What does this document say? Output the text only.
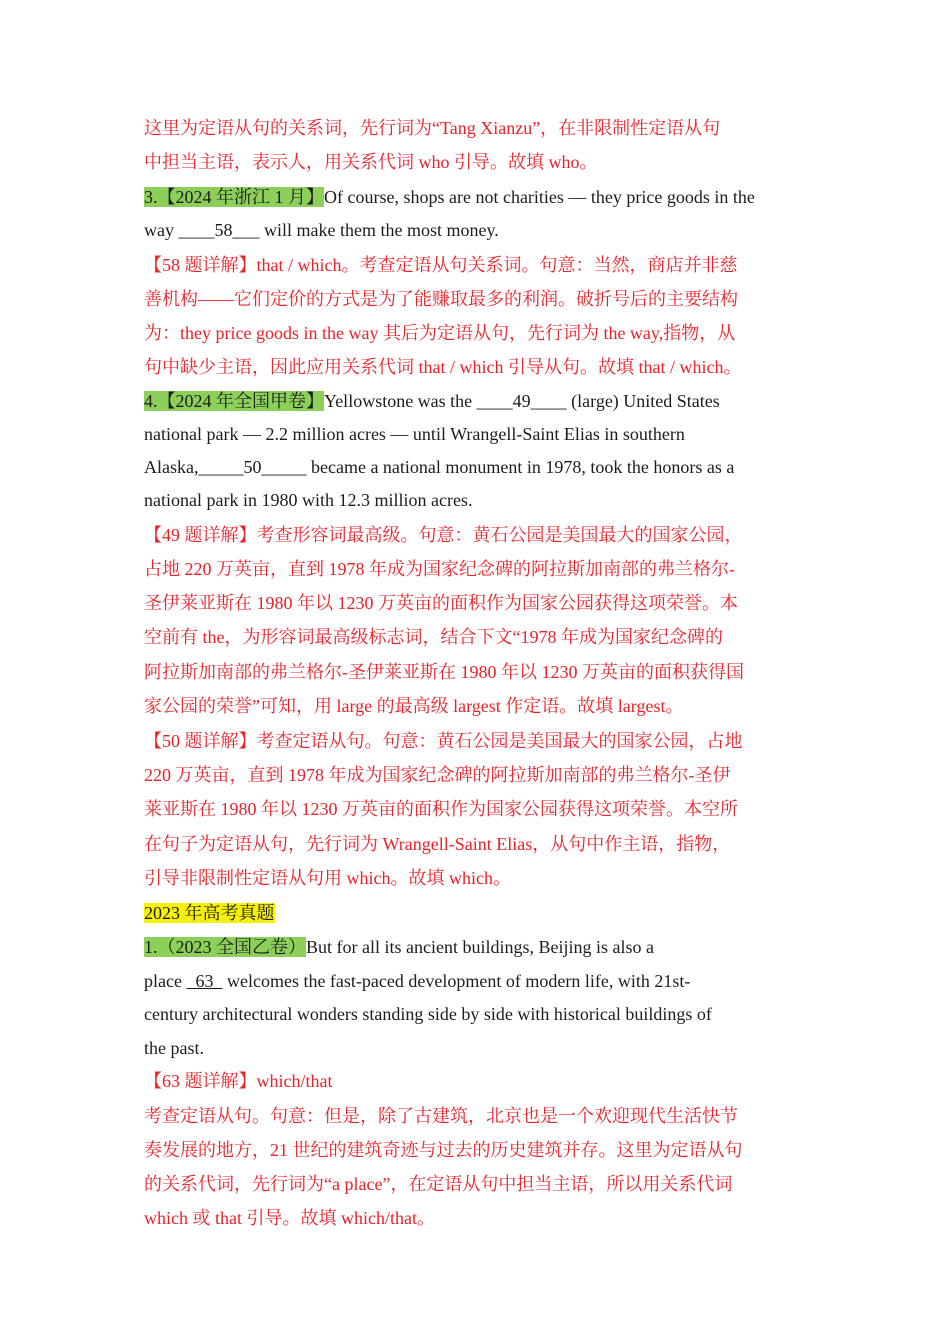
这里为定语从句的关系词，先行词为“Tang Xianzu”，在非限制性定语从句
中担当主语，表示人，用关系代词 who 引导。故填 who。
3.【2024 年浙江 1 月】Of course, shops are not charities — they price goods in the
way ____58___ will make them the most money.
【58 题详解】that / which。考查定语从句关系词。句意：当然，商店并非慈
善机构——它们定价的方式是为了能赚取最多的利润。破折号后的主要结构
为：they price goods in the way 其后为定语从句，先行词为 the way,指物，从
句中缺少主语，因此应用关系代词 that / which 引导从句。故填 that / which。
4.【2024 年全国甲卷】Yellowstone was the ____49____ (large) United States
national park — 2.2 million acres — until Wrangell-Saint Elias in southern
Alaska,_____50_____ became a national monument in 1978, took the honors as a
national park in 1980 with 12.3 million acres.
【49 题详解】考查形容词最高级。句意：黄石公园是美国最大的国家公园，
占地 220 万英亩，直到 1978 年成为国家纪念碑的阿拉斯加南部的弗兰格尔-
圣伊莱亚斯在 1980 年以 1230 万英亩的面积作为国家公园获得这项荣誉。本
空前有 the，为形容词最高级标志词，结合下文“1978 年成为国家纪念碑的
阿拉斯加南部的弗兰格尔-圣伊莱亚斯在 1980 年以 1230 万英亩的面积获得国
家公园的荣誉”可知，用 large 的最高级 largest 作定语。故填 largest。
【50 题详解】考查定语从句。句意：黄石公园是美国最大的国家公园，占地
220 万英亩，直到 1978 年成为国家纪念碑的阿拉斯加南部的弗兰格尔-圣伊
莱亚斯在 1980 年以 1230 万英亩的面积作为国家公园获得这项荣誉。本空所
在句子为定语从句，先行词为 Wrangell-Saint Elias，从句中作主语，指物，
引导非限制性定语从句用 which。故填 which。
2023 年高考真题
1.（2023 全国乙卷）But for all its ancient buildings, Beijing is also a
place   63   welcomes the fast-paced development of modern life, with 21st-
century architectural wonders standing side by side with historical buildings of
the past.
【63 题详解】which/that
考查定语从句。句意：但是，除了古建筑，北京也是一个欢迎现代生活快节
奏发展的地方，21 世纪的建筑奇迹与过去的历史建筑并存。这里为定语从句
的关系代词，先行词为“a place”，在定语从句中担当主语，所以用关系代词
which 或 that 引导。故填 which/that。
